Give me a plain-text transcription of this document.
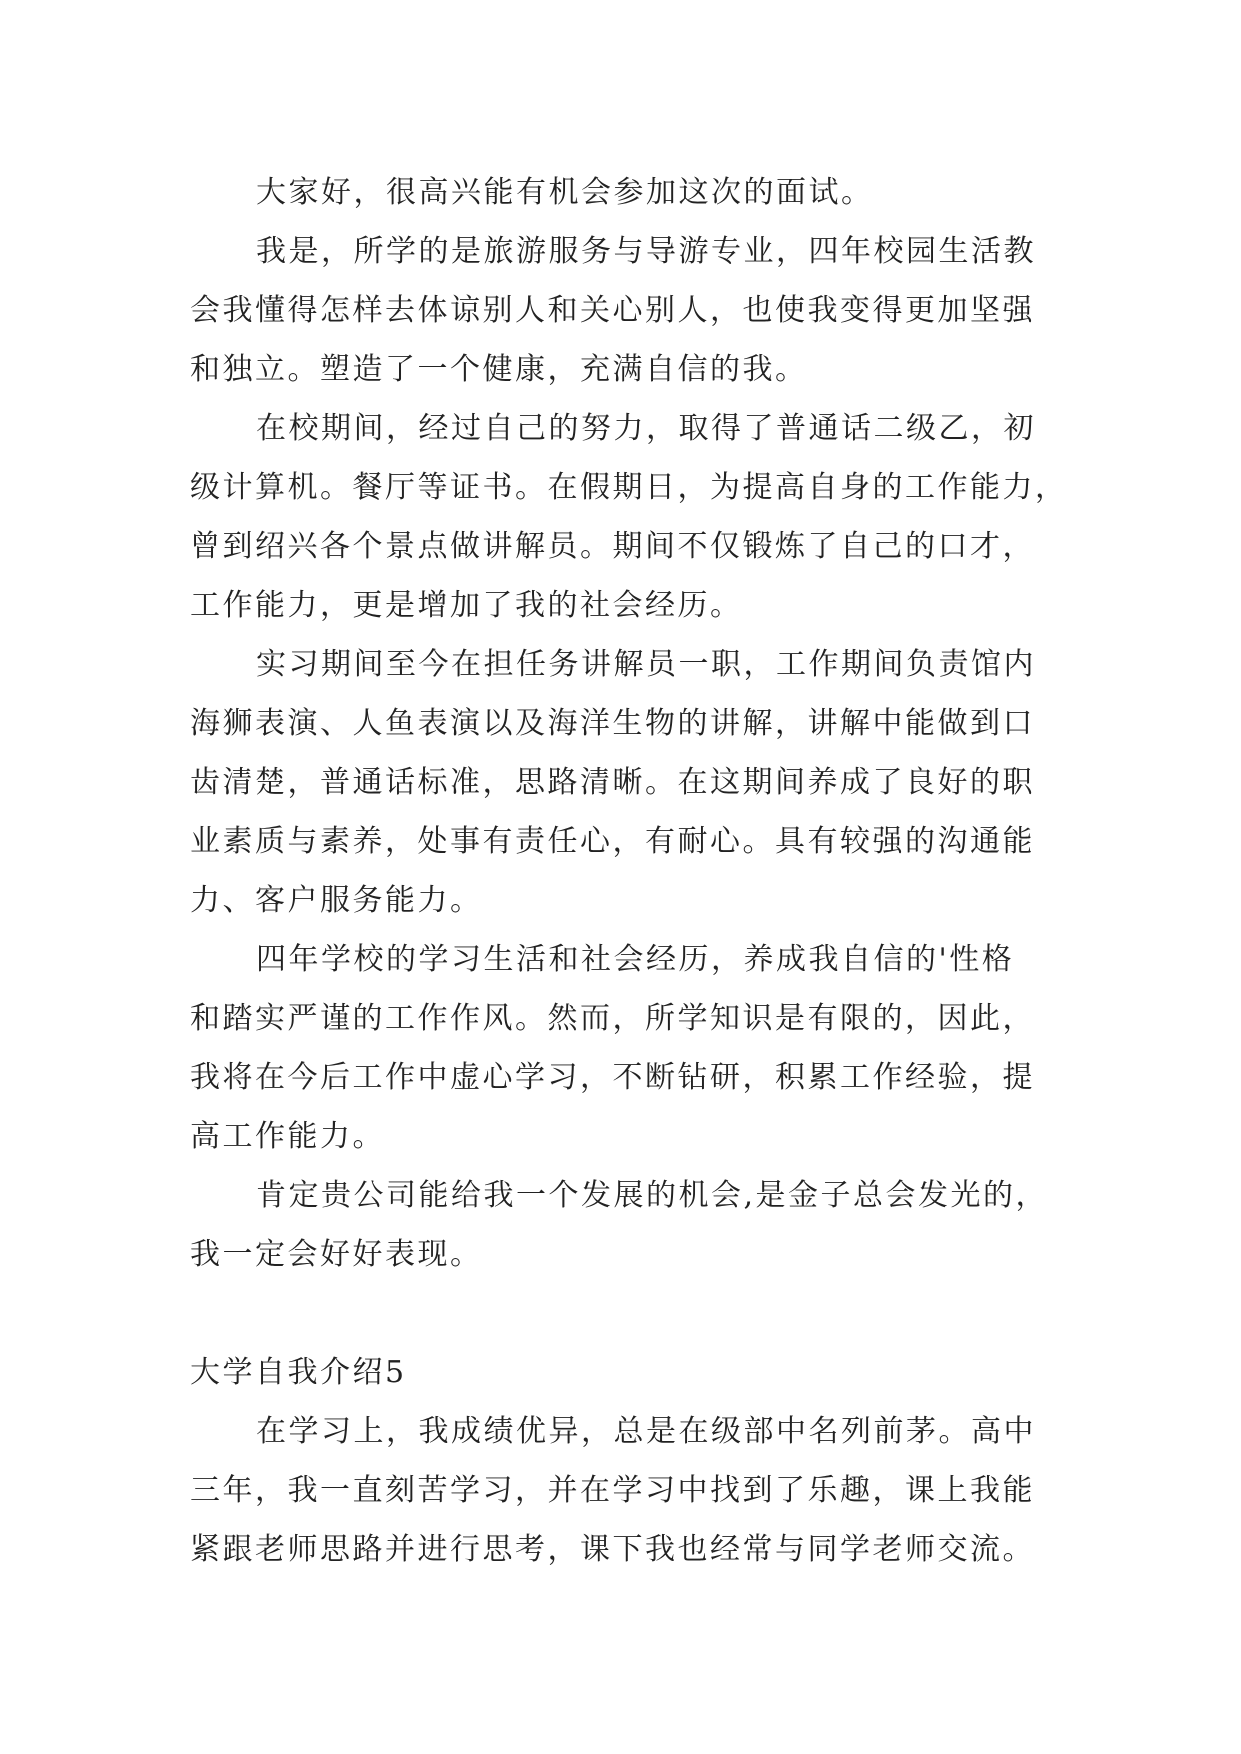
大家好，很高兴能有机会参加这次的面试。
我是，所学的是旅游服务与导游专业，四年校园生活教
会我懂得怎样去体谅别人和关心别人，也使我变得更加坚强
和独立。塑造了一个健康，充满自信的我。
在校期间，经过自己的努力，取得了普通话二级乙，初
级计算机。餐厅等证书。在假期日，为提高自身的工作能力，
曾到绍兴各个景点做讲解员。期间不仅锻炼了自己的口才，
工作能力，更是增加了我的社会经历。
实习期间至今在担任务讲解员一职，工作期间负责馆内
海狮表演、人鱼表演以及海洋生物的讲解，讲解中能做到口
齿清楚，普通话标准，思路清晰。在这期间养成了良好的职
业素质与素养，处事有责任心，有耐心。具有较强的沟通能
力、客户服务能力。
四年学校的学习生活和社会经历，养成我自信的'性格
和踏实严谨的工作作风。然而，所学知识是有限的，因此，
我将在今后工作中虚心学习，不断钻研，积累工作经验，提
高工作能力。
肯定贵公司能给我一个发展的机会,是金子总会发光的，
我一定会好好表现。
大学自我介绍5
在学习上，我成绩优异，总是在级部中名列前茅。高中
三年，我一直刻苦学习，并在学习中找到了乐趣，课上我能
紧跟老师思路并进行思考，课下我也经常与同学老师交流。
